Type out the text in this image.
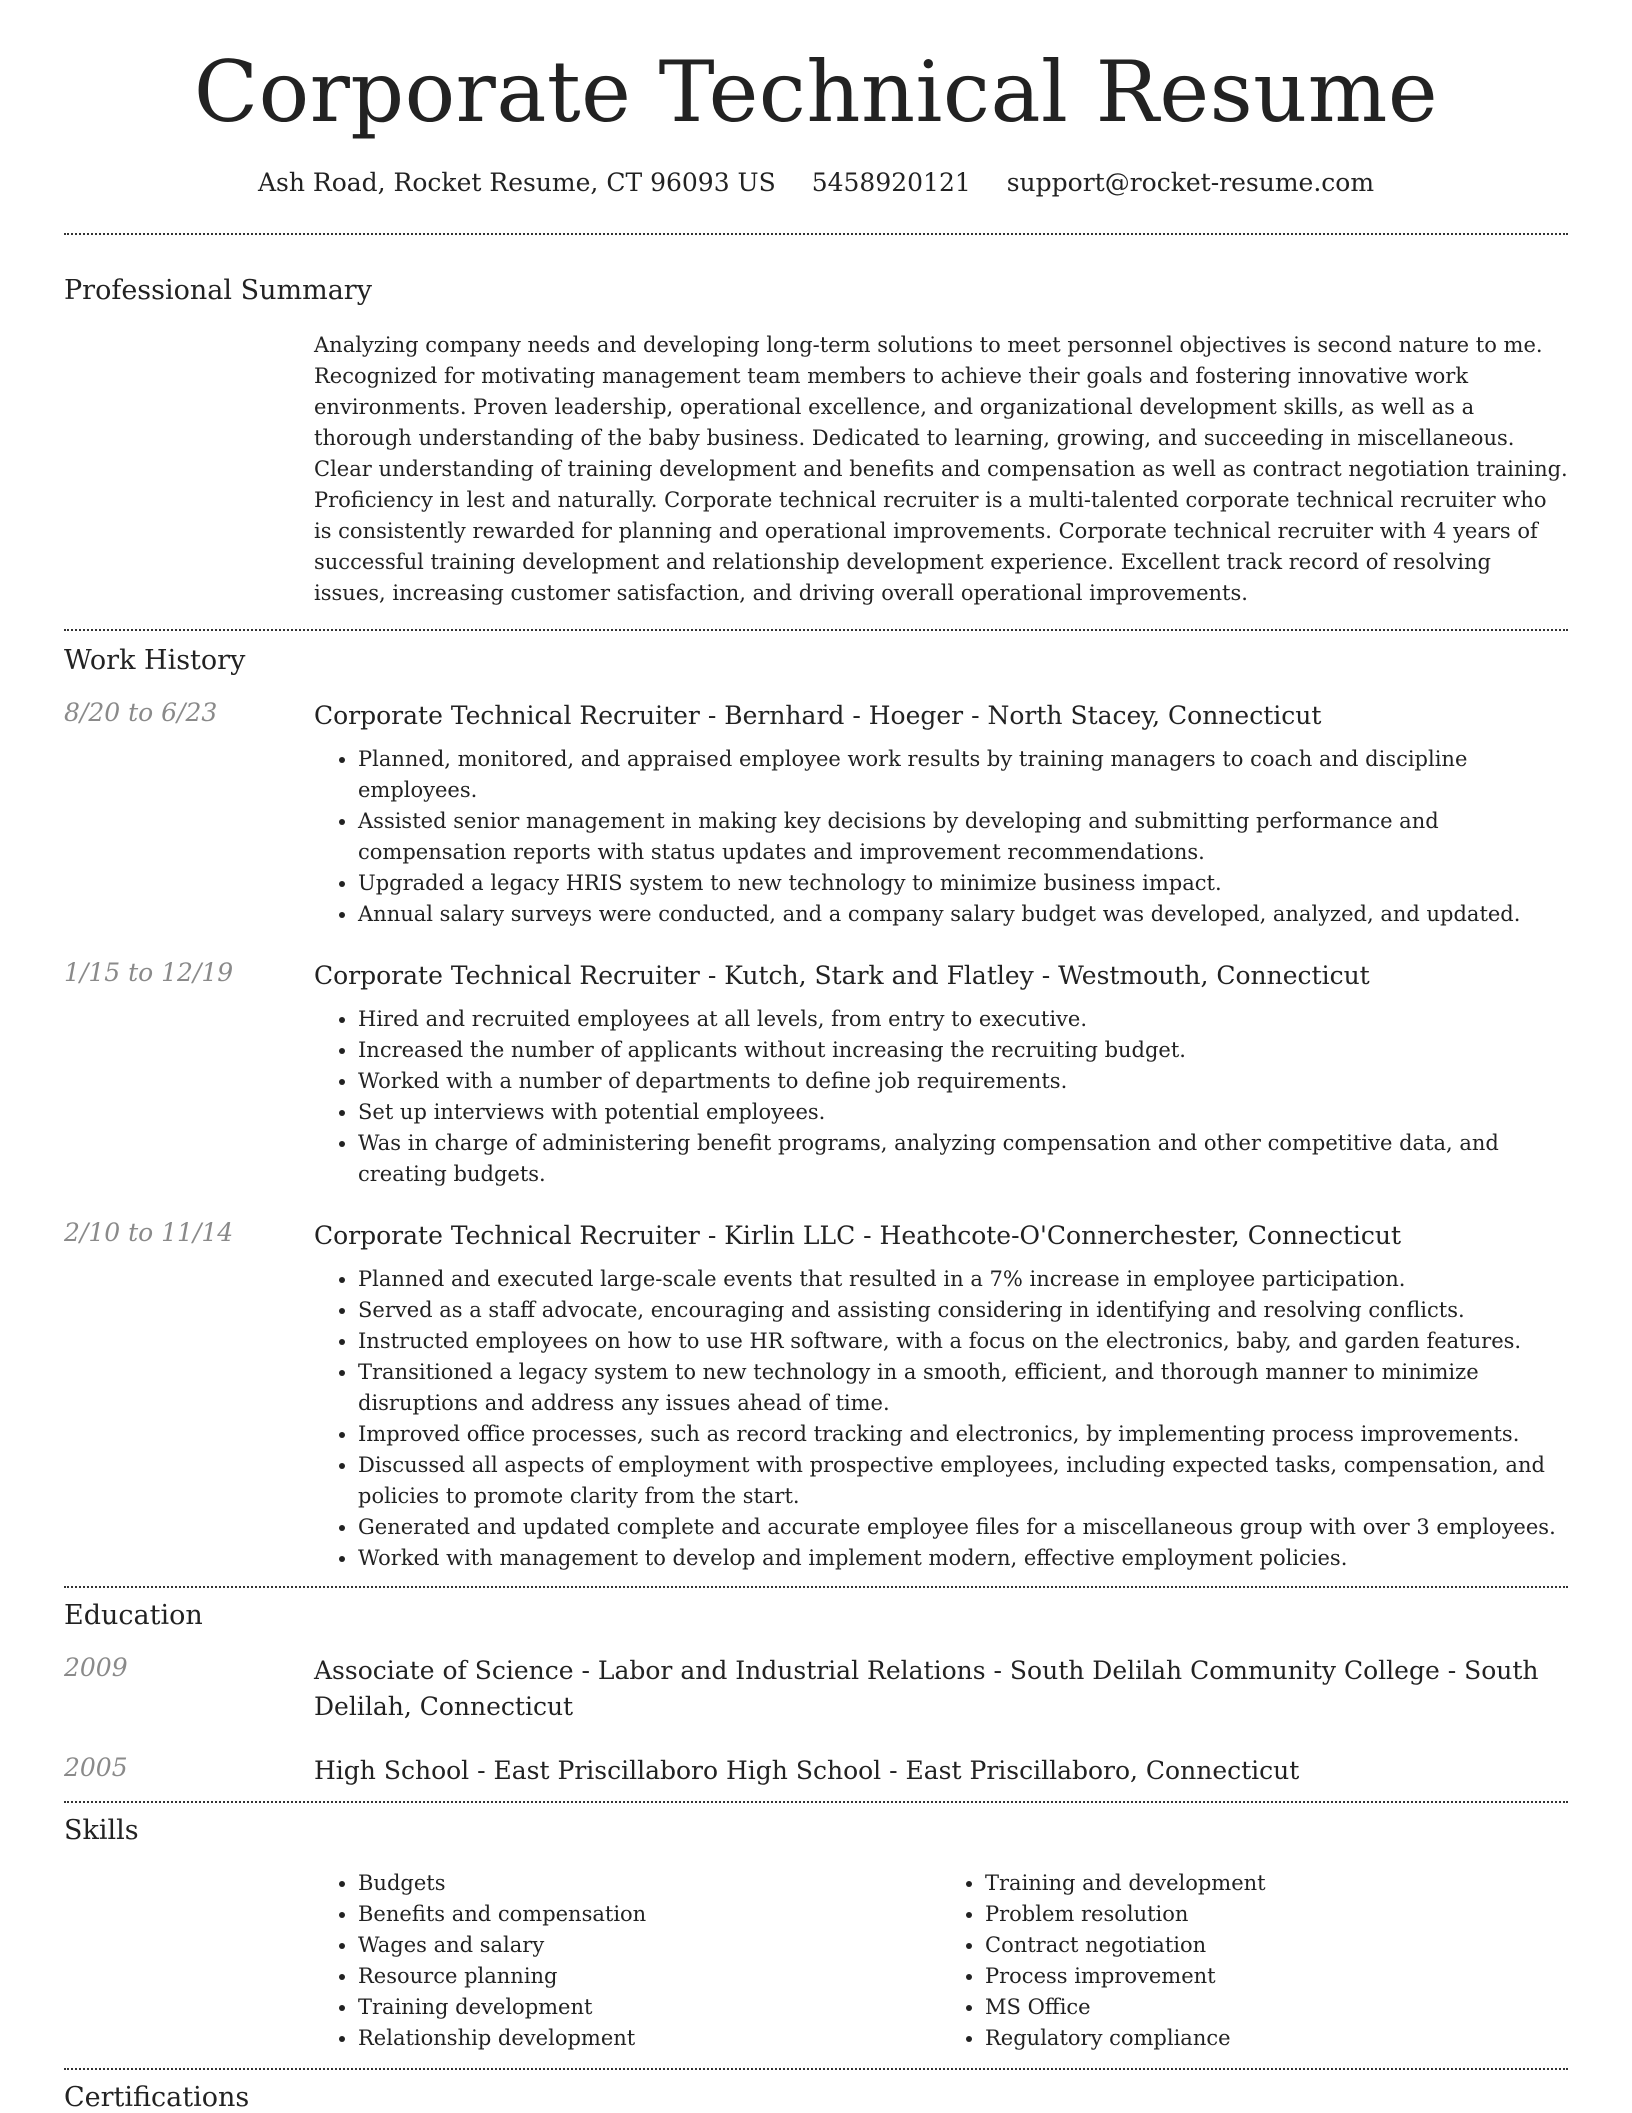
Corporate Technical Resume
Ash Road, Rocket Resume, CT 96093 US 5458920121 support@rocket-resume.com
Professional Summary
Analyzing company needs and developing long-term solutions to meet personnel objectives is second nature to me. Recognized for motivating management team members to achieve their goals and fostering innovative work environments. Proven leadership, operational excellence, and organizational development skills, as well as a thorough understanding of the baby business. Dedicated to learning, growing, and succeeding in miscellaneous. Clear understanding of training development and benefits and compensation as well as contract negotiation training. Proficiency in lest and naturally. Corporate technical recruiter is a multi-talented corporate technical recruiter who is consistently rewarded for planning and operational improvements. Corporate technical recruiter with 4 years of successful training development and relationship development experience. Excellent track record of resolving issues, increasing customer satisfaction, and driving overall operational improvements.
Work History
8/20 to 6/23	Corporate Technical Recruiter - Bernhard - Hoeger - North Stacey, Connecticut
• Planned, monitored, and appraised employee work results by training managers to coach and discipline employees.
• Assisted senior management in making key decisions by developing and submitting performance and compensation reports with status updates and improvement recommendations.
• Upgraded a legacy HRIS system to new technology to minimize business impact.
• Annual salary surveys were conducted, and a company salary budget was developed, analyzed, and updated.
1/15 to 12/19	Corporate Technical Recruiter - Kutch, Stark and Flatley - Westmouth, Connecticut
• Hired and recruited employees at all levels, from entry to executive.
• Increased the number of applicants without increasing the recruiting budget.
• Worked with a number of departments to define job requirements.
• Set up interviews with potential employees.
• Was in charge of administering benefit programs, analyzing compensation and other competitive data, and creating budgets.
2/10 to 11/14	Corporate Technical Recruiter - Kirlin LLC - Heathcote-O'Connerchester, Connecticut
• Planned and executed large-scale events that resulted in a 7% increase in employee participation.
• Served as a staff advocate, encouraging and assisting considering in identifying and resolving conflicts.
• Instructed employees on how to use HR software, with a focus on the electronics, baby, and garden features.
• Transitioned a legacy system to new technology in a smooth, efficient, and thorough manner to minimize disruptions and address any issues ahead of time.
• Improved office processes, such as record tracking and electronics, by implementing process improvements.
• Discussed all aspects of employment with prospective employees, including expected tasks, compensation, and policies to promote clarity from the start.
• Generated and updated complete and accurate employee files for a miscellaneous group with over 3 employees.
• Worked with management to develop and implement modern, effective employment policies.
Education
2009	Associate of Science - Labor and Industrial Relations - South Delilah Community College - South Delilah, Connecticut
2005	High School - East Priscillaboro High School - East Priscillaboro, Connecticut
Skills
• Budgets
• Benefits and compensation
• Wages and salary
• Resource planning
• Training development
• Relationship development
• Training and development
• Problem resolution
• Contract negotiation
• Process improvement
• MS Office
• Regulatory compliance
Certifications
